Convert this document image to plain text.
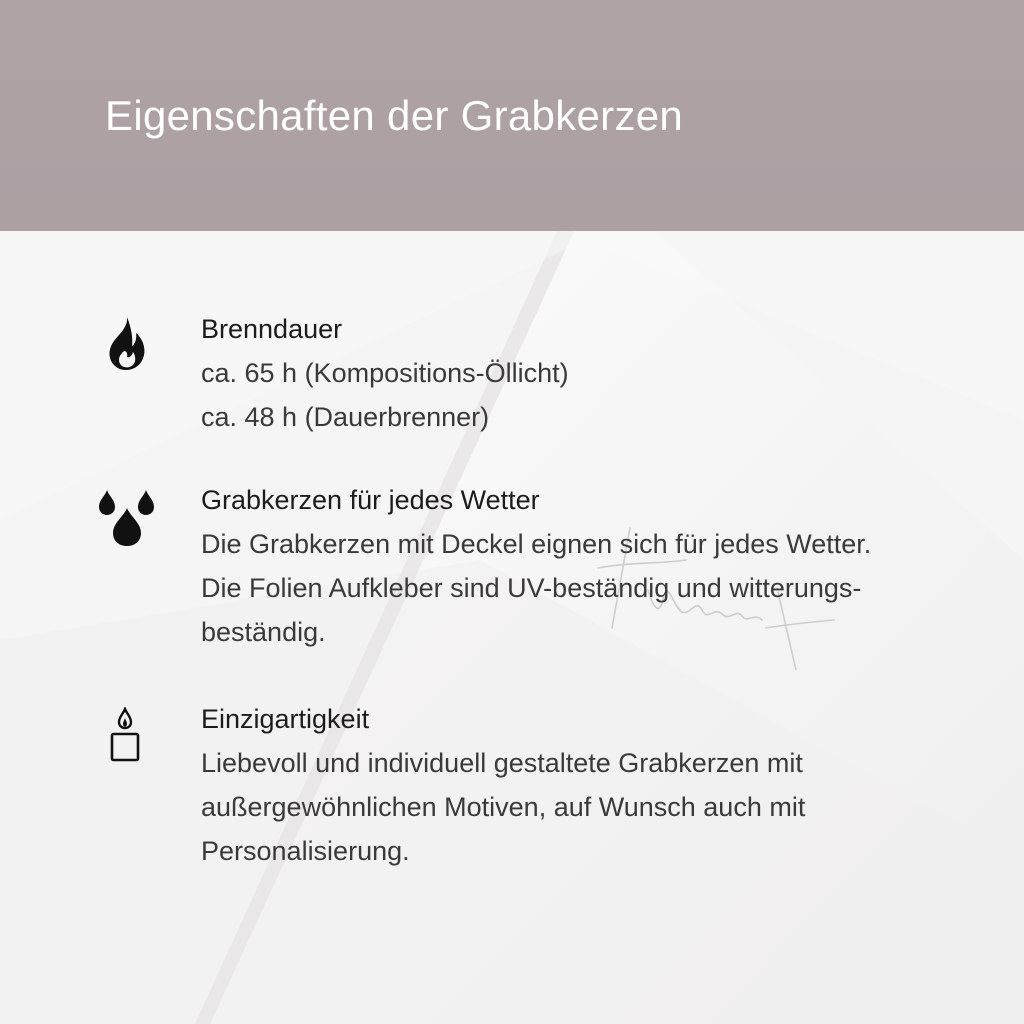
Eigenschaften der Grabkerzen

Brenndauer

ca. 65 h (Kompositions-Öllicht)

ca. 48 h (Dauerbrenner)

Grabkerzen für jedes Wetter

Die Grabkerzen mit Deckel eignen sich für jedes Wetter.

Die Folien Aufkleber sind UV-beständig und witterungs-

beständig.

Einzigartigkeit

Liebevoll und individuell gestaltete Grabkerzen mit

außergewöhnlichen Motiven, auf Wunsch auch mit

Personalisierung.
